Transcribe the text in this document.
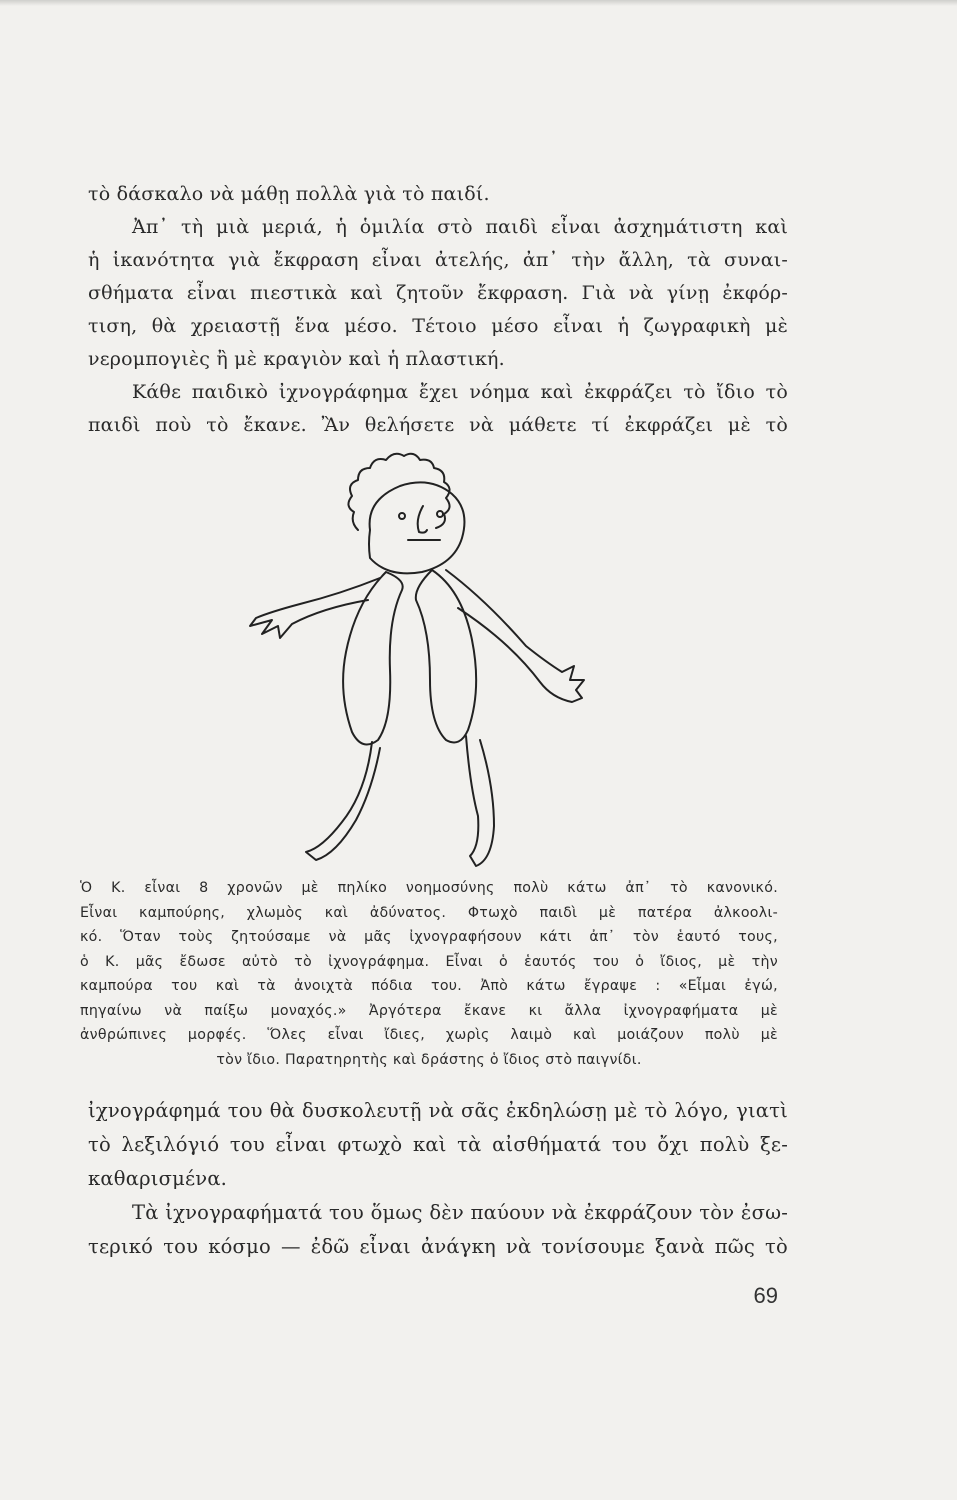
τὸ δάσκαλο νὰ μάθῃ πολλὰ γιὰ τὸ παιδί.
Ἀπ᾽ τὴ μιὰ μεριά, ἡ ὁμιλία στὸ παιδὶ εἶναι ἀσχημάτιστη καὶ
ἡ ἱκανότητα γιὰ ἔκφραση εἶναι ἀτελής, ἀπ᾽ τὴν ἄλλη, τὰ συναι-
σθήματα εἶναι πιεστικὰ καὶ ζητοῦν ἔκφραση. Γιὰ νὰ γίνῃ ἐκφόρ-
τιση, θὰ χρειαστῇ ἕνα μέσο. Τέτοιο μέσο εἶναι ἡ ζωγραφικὴ μὲ
νερομπογιὲς ἢ μὲ κραγιὸν καὶ ἡ πλαστική.
Κάθε παιδικὸ ἰχνογράφημα ἔχει νόημα καὶ ἐκφράζει τὸ ἴδιο τὸ
παιδὶ ποὺ τὸ ἔκανε. Ἂν θελήσετε νὰ μάθετε τί ἐκφράζει μὲ τὸ
Ὁ Κ. εἶναι 8 χρονῶν μὲ πηλίκο νοημοσύνης πολὺ κάτω ἀπ᾽ τὸ κανονικό.
Εἶναι καμπούρης, χλωμὸς καὶ ἀδύνατος. Φτωχὸ παιδὶ μὲ πατέρα ἀλκοολι-
κό. Ὅταν τοὺς ζητούσαμε νὰ μᾶς ἰχνογραφήσουν κάτι ἀπ᾽ τὸν ἑαυτό τους,
ὁ Κ. μᾶς ἔδωσε αὐτὸ τὸ ἰχνογράφημα. Εἶναι ὁ ἑαυτός του ὁ ἴδιος, μὲ τὴν
καμπούρα του καὶ τὰ ἀνοιχτὰ πόδια του. Ἀπὸ κάτω ἔγραψε : «Εἶμαι ἐγώ,
πηγαίνω νὰ παίξω μοναχός.» Ἀργότερα ἔκανε κι ἄλλα ἰχνογραφήματα μὲ
ἀνθρώπινες μορφές. Ὅλες εἶναι ἴδιες, χωρὶς λαιμὸ καὶ μοιάζουν πολὺ μὲ
τὸν ἴδιο. Παρατηρητὴς καὶ δράστης ὁ ἴδιος στὸ παιγνίδι.
ἰχνογράφημά του θὰ δυσκολευτῇ νὰ σᾶς ἐκδηλώσῃ μὲ τὸ λόγο, γιατὶ
τὸ λεξιλόγιό του εἶναι φτωχὸ καὶ τὰ αἰσθήματά του ὄχι πολὺ ξε-
καθαρισμένα.
Τὰ ἰχνογραφήματά του ὅμως δὲν παύουν νὰ ἐκφράζουν τὸν ἐσω-
τερικό του κόσμο — ἐδῶ εἶναι ἀνάγκη νὰ τονίσουμε ξανὰ πῶς τὸ
69
